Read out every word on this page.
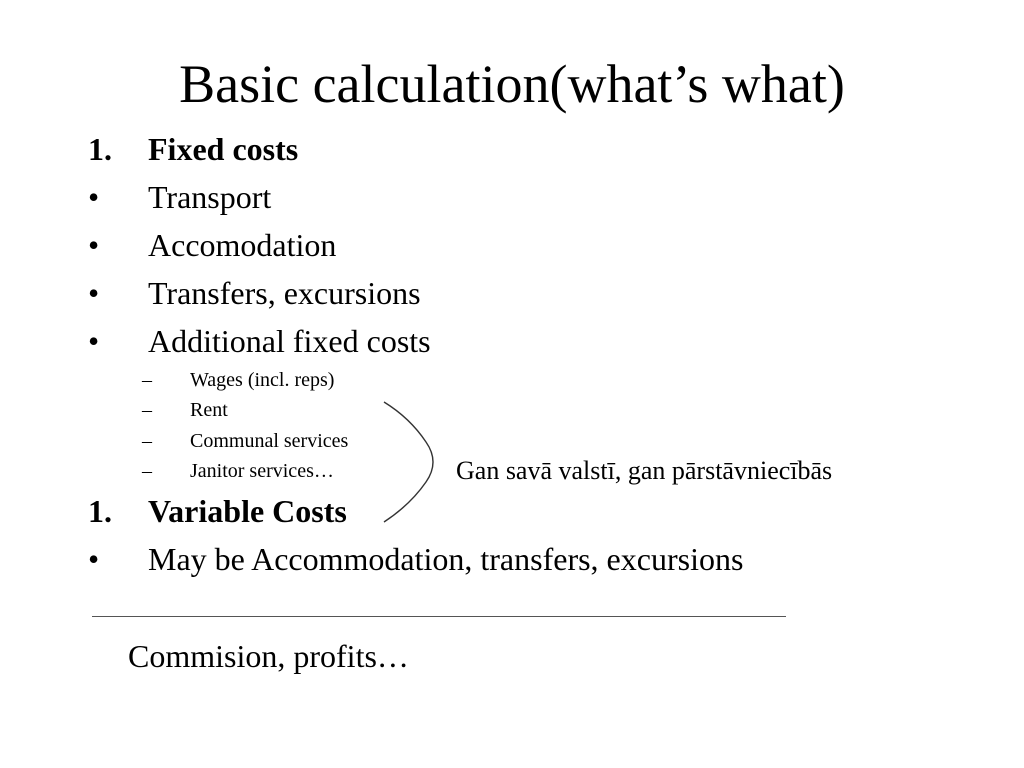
Basic calculation(what’s what)
1. Fixed costs
• Transport
• Accomodation
• Transfers, excursions
• Additional fixed costs
– Wages (incl. reps)
– Rent
– Communal services
– Janitor services…	Gan savā valstī, gan pārstāvniecībās
1. Variable Costs
• May be Accommodation, transfers, excursions
Commision, profits…
